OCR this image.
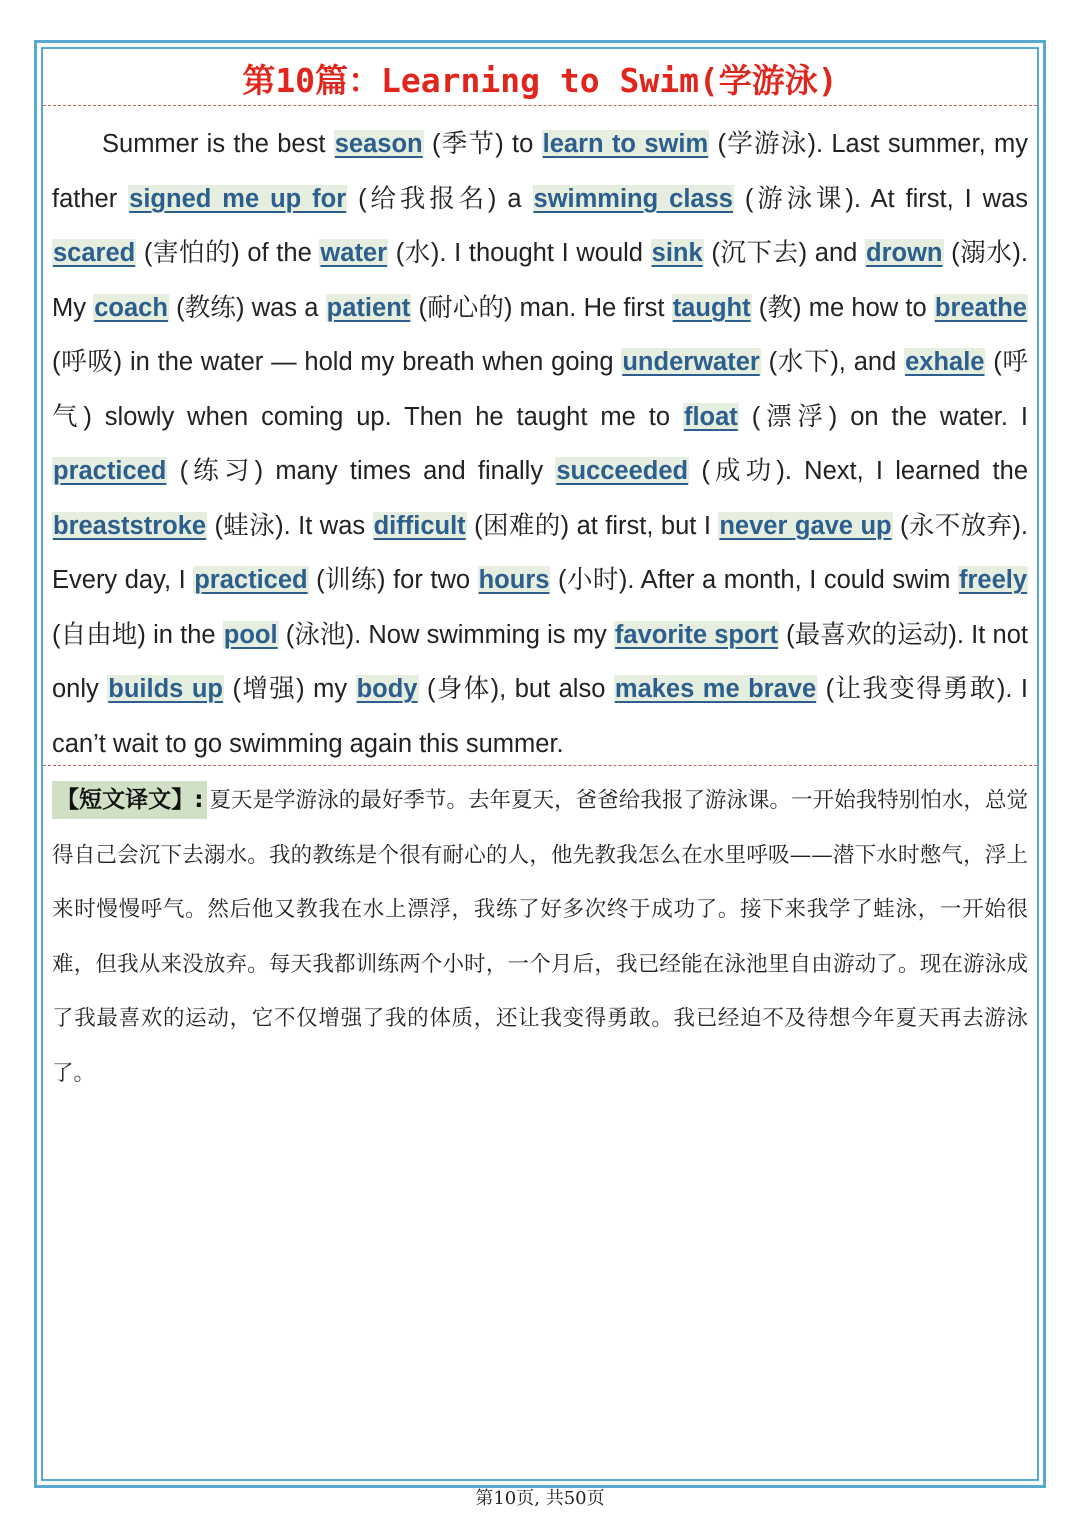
第10篇：Learning to Swim(学游泳)

Summer is the best season (季节) to learn to swim (学游泳). Last summer, my father signed me up for (给我报名) a swimming class (游泳课). At first, I was scared (害怕的) of the water (水). I thought I would sink (沉下去) and drown (溺水). My coach (教练) was a patient (耐心的) man. He first taught (教) me how to breathe (呼吸) in the water — hold my breath when going underwater (水下), and exhale (呼气) slowly when coming up. Then he taught me to float (漂浮) on the water. I practiced (练习) many times and finally succeeded (成功). Next, I learned the breaststroke (蛙泳). It was difficult (困难的) at first, but I never gave up (永不放弃). Every day, I practiced (训练) for two hours (小时). After a month, I could swim freely (自由地) in the pool (泳池). Now swimming is my favorite sport (最喜欢的运动). It not only builds up (增强) my body (身体), but also makes me brave (让我变得勇敢). I can’t wait to go swimming again this summer.

【短文译文】: 夏天是学游泳的最好季节。去年夏天，爸爸给我报了游泳课。一开始我特别怕水，总觉得自己会沉下去溺水。我的教练是个很有耐心的人，他先教我怎么在水里呼吸——潜下水时憋气，浮上来时慢慢呼气。然后他又教我在水上漂浮，我练了好多次终于成功了。接下来我学了蛙泳，一开始很难，但我从来没放弃。每天我都训练两个小时，一个月后，我已经能在泳池里自由游动了。现在游泳成了我最喜欢的运动，它不仅增强了我的体质，还让我变得勇敢。我已经迫不及待想今年夏天再去游泳了。

第10页, 共50页
